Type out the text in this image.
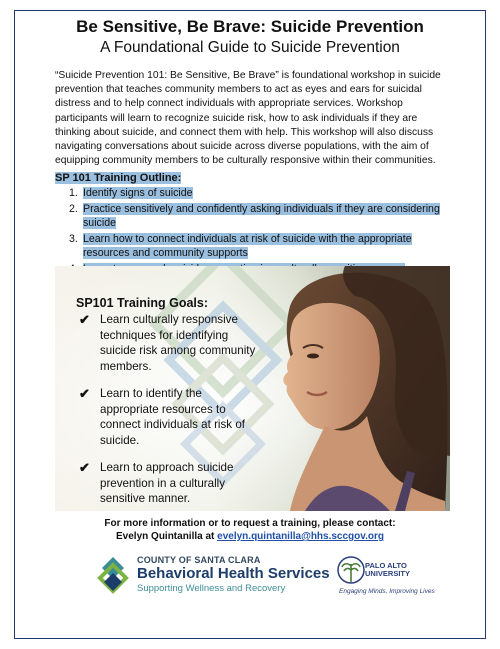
Be Sensitive, Be Brave: Suicide Prevention
A Foundational Guide to Suicide Prevention
“Suicide Prevention 101: Be Sensitive, Be Brave” is foundational workshop in suicide prevention that teaches community members to act as eyes and ears for suicidal distress and to help connect individuals with appropriate services. Workshop participants will learn to recognize suicide risk, how to ask individuals if they are thinking about suicide, and connect them with help. This workshop will also discuss navigating conversations about suicide across diverse populations, with the aim of equipping community members to be culturally responsive within their communities.
SP 101 Training Outline:
1. Identify signs of suicide
2. Practice sensitively and confidently asking individuals if they are considering suicide
3. Learn how to connect individuals at risk of suicide with the appropriate resources and community supports
SP101 Training Goals:
✔ Learn culturally responsive techniques for identifying suicide risk among community members.
✔ Learn to identify the appropriate resources to connect individuals at risk of suicide.
✔ Learn to approach suicide prevention in a culturally sensitive manner.
For more information or to request a training, please contact:
Evelyn Quintanilla at evelyn.quintanilla@hhs.sccgov.org
COUNTY OF SANTA CLARA
Behavioral Health Services
Supporting Wellness and Recovery
PALO ALTO
UNIVERSITY
Engaging Minds, Improving Lives
